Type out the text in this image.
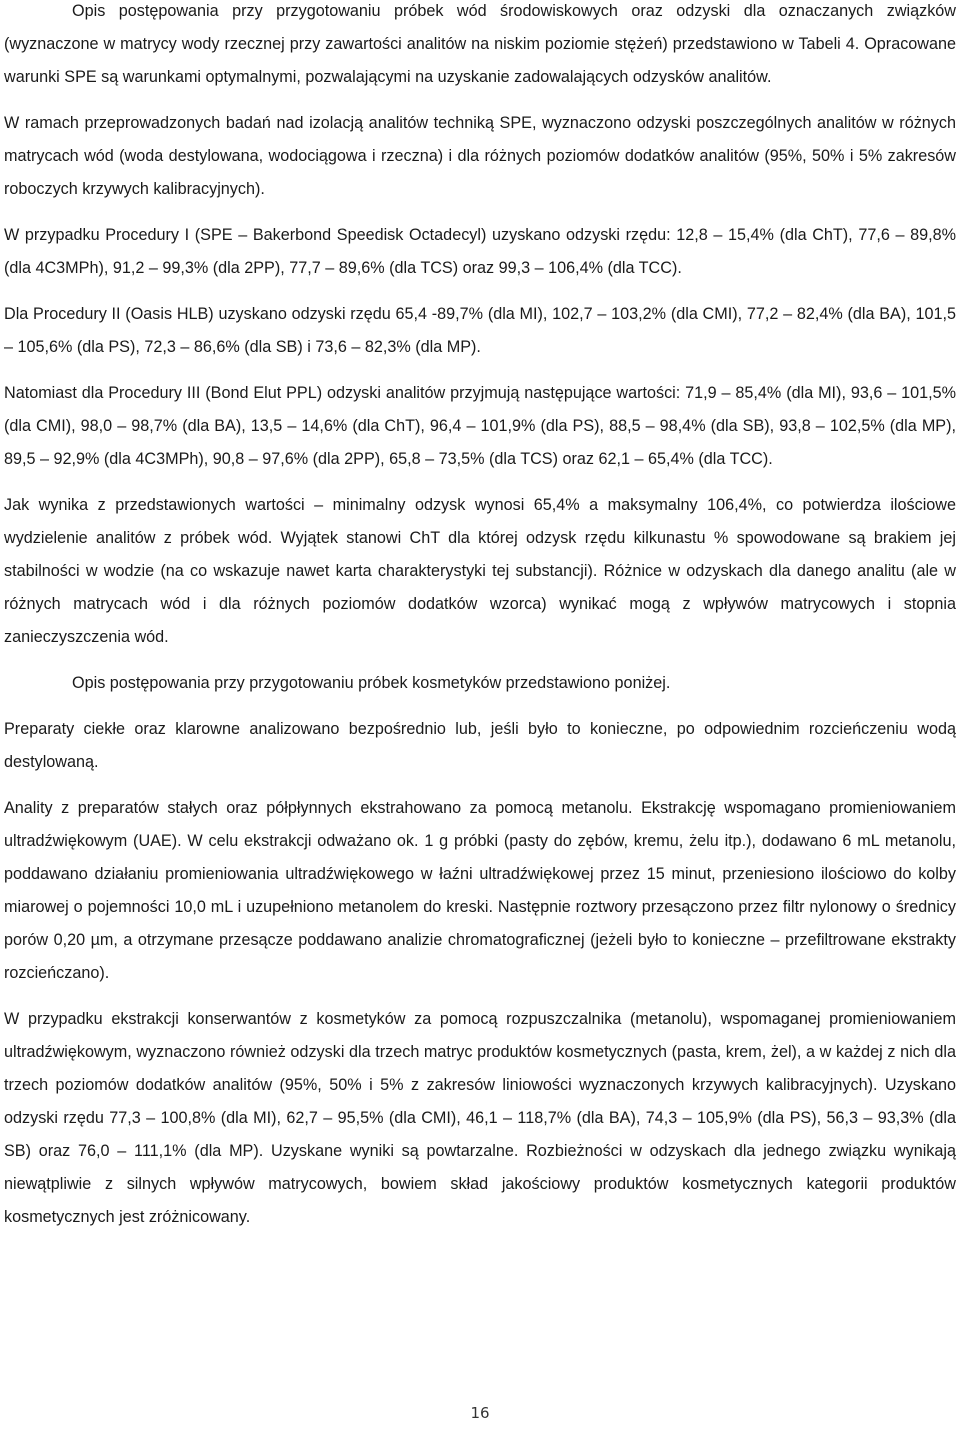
Opis postępowania przy przygotowaniu próbek wód środowiskowych oraz odzyski dla oznaczanych związków (wyznaczone w matrycy wody rzecznej przy zawartości analitów na niskim poziomie stężeń) przedstawiono w Tabeli 4. Opracowane warunki SPE są warunkami optymalnymi, pozwalającymi na uzyskanie zadowalających odzysków analitów.

W ramach przeprowadzonych badań nad izolacją analitów techniką SPE, wyznaczono odzyski poszczególnych analitów w różnych matrycach wód (woda destylowana, wodociągowa i rzeczna) i dla różnych poziomów dodatków analitów (95%, 50% i 5% zakresów roboczych krzywych kalibracyjnych).

W przypadku Procedury I (SPE – Bakerbond Speedisk Octadecyl) uzyskano odzyski rzędu: 12,8 – 15,4% (dla ChT), 77,6 – 89,8% (dla 4C3MPh), 91,2 – 99,3% (dla 2PP), 77,7 – 89,6% (dla TCS) oraz 99,3 – 106,4% (dla TCC).

Dla Procedury II (Oasis HLB) uzyskano odzyski rzędu 65,4 -89,7% (dla MI), 102,7 – 103,2% (dla CMI), 77,2 – 82,4% (dla BA), 101,5 – 105,6% (dla PS), 72,3 – 86,6% (dla SB) i 73,6 – 82,3% (dla MP).

Natomiast dla Procedury III (Bond Elut PPL) odzyski analitów przyjmują następujące wartości: 71,9 – 85,4% (dla MI), 93,6 – 101,5% (dla CMI), 98,0 – 98,7% (dla BA), 13,5 – 14,6% (dla ChT), 96,4 – 101,9% (dla PS), 88,5 – 98,4% (dla SB), 93,8 – 102,5% (dla MP), 89,5 – 92,9% (dla 4C3MPh), 90,8 – 97,6% (dla 2PP), 65,8 – 73,5% (dla TCS) oraz 62,1 – 65,4% (dla TCC).

Jak wynika z przedstawionych wartości – minimalny odzysk wynosi 65,4% a maksymalny 106,4%, co potwierdza ilościowe wydzielenie analitów z próbek wód. Wyjątek stanowi ChT dla której odzysk rzędu kilkunastu % spowodowane są brakiem jej stabilności w wodzie (na co wskazuje nawet karta charakterystyki tej substancji). Różnice w odzyskach dla danego analitu (ale w różnych matrycach wód i dla różnych poziomów dodatków wzorca) wynikać mogą z wpływów matrycowych i stopnia zanieczyszczenia wód.

Opis postępowania przy przygotowaniu próbek kosmetyków przedstawiono poniżej.

Preparaty ciekłe oraz klarowne analizowano bezpośrednio lub, jeśli było to konieczne, po odpowiednim rozcieńczeniu wodą destylowaną.

Anality z preparatów stałych oraz półpłynnych ekstrahowano za pomocą metanolu. Ekstrakcję wspomagano promieniowaniem ultradźwiękowym (UAE). W celu ekstrakcji odważano ok. 1 g próbki (pasty do zębów, kremu, żelu itp.), dodawano 6 mL metanolu, poddawano działaniu promieniowania ultradźwiękowego w łaźni ultradźwiękowej przez 15 minut, przeniesiono ilościowo do kolby miarowej o pojemności 10,0 mL i uzupełniono metanolem do kreski. Następnie roztwory przesączono przez filtr nylonowy o średnicy porów 0,20 µm, a otrzymane przesącze poddawano analizie chromatograficznej (jeżeli było to konieczne – przefiltrowane ekstrakty rozcieńczano).

W przypadku ekstrakcji konserwantów z kosmetyków za pomocą rozpuszczalnika (metanolu), wspomaganej promieniowaniem ultradźwiękowym, wyznaczono również odzyski dla trzech matryc produktów kosmetycznych (pasta, krem, żel), a w każdej z nich dla trzech poziomów dodatków analitów (95%, 50% i 5% z zakresów liniowości wyznaczonych krzywych kalibracyjnych). Uzyskano odzyski rzędu 77,3 – 100,8% (dla MI), 62,7 – 95,5% (dla CMI), 46,1 – 118,7% (dla BA), 74,3 – 105,9% (dla PS), 56,3 – 93,3% (dla SB) oraz 76,0 – 111,1% (dla MP). Uzyskane wyniki są powtarzalne. Rozbieżności w odzyskach dla jednego związku wynikają niewątpliwie z silnych wpływów matrycowych, bowiem skład jakościowy produktów kosmetycznych kategorii produktów kosmetycznych jest zróżnicowany.

16
